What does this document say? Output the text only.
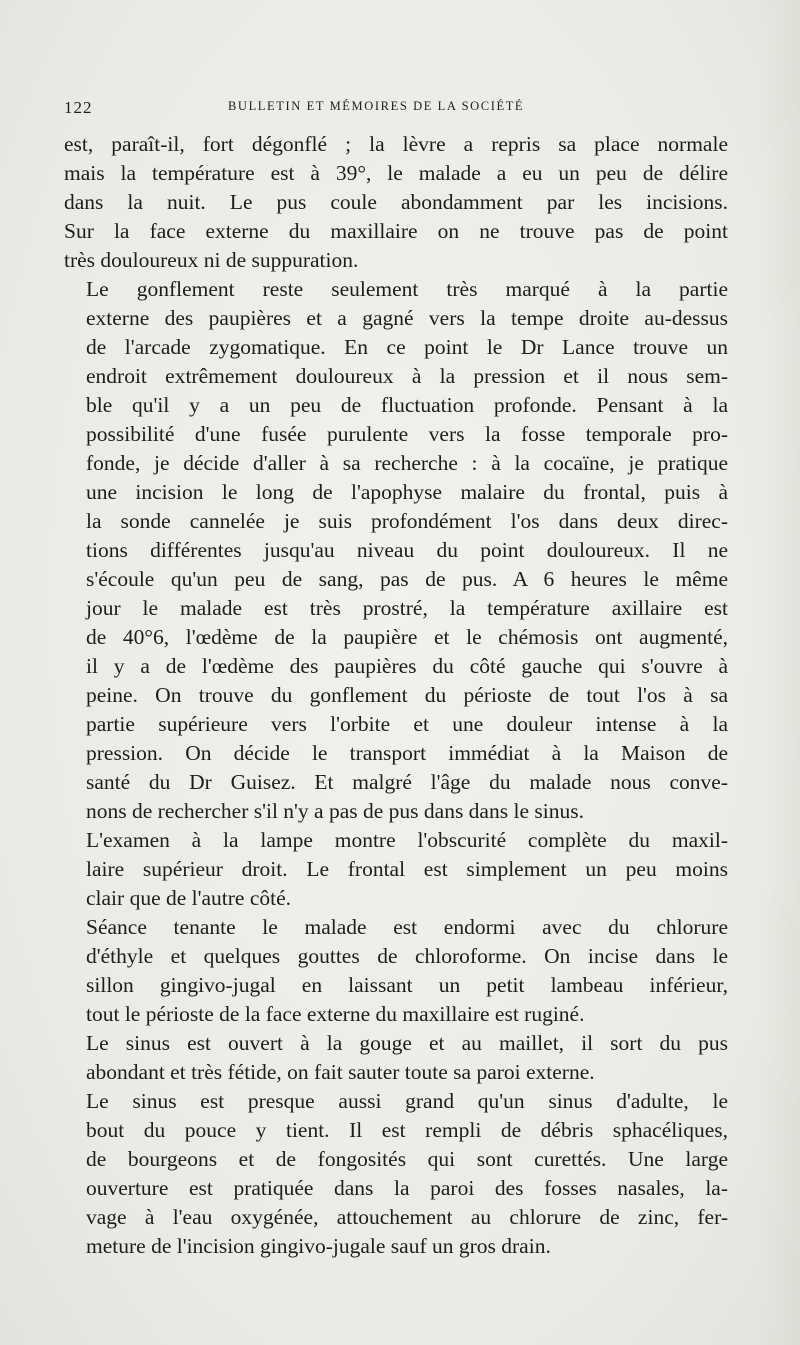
122	BULLETIN ET MÉMOIRES DE LA SOCIÉTÉ

est, paraît-il, fort dégonflé ; la lèvre a repris sa place normale
mais la température est à 39°, le malade a eu un peu de délire
dans la nuit. Le pus coule abondamment par les incisions.
Sur la face externe du maxillaire on ne trouve pas de point
très douloureux ni de suppuration.

Le gonflement reste seulement très marqué à la partie
externe des paupières et a gagné vers la tempe droite au-dessus
de l'arcade zygomatique. En ce point le Dr Lance trouve un
endroit extrêmement douloureux à la pression et il nous sem-
ble qu'il y a un peu de fluctuation profonde. Pensant à la
possibilité d'une fusée purulente vers la fosse temporale pro-
fonde, je décide d'aller à sa recherche : à la cocaïne, je pratique
une incision le long de l'apophyse malaire du frontal, puis à
la sonde cannelée je suis profondément l'os dans deux direc-
tions différentes jusqu'au niveau du point douloureux. Il ne
s'écoule qu'un peu de sang, pas de pus. A 6 heures le même
jour le malade est très prostré, la température axillaire est
de 40°6, l'œdème de la paupière et le chémosis ont augmenté,
il y a de l'œdème des paupières du côté gauche qui s'ouvre à
peine. On trouve du gonflement du périoste de tout l'os à sa
partie supérieure vers l'orbite et une douleur intense à la
pression. On décide le transport immédiat à la Maison de
santé du Dr Guisez. Et malgré l'âge du malade nous conve-
nons de rechercher s'il n'y a pas de pus dans dans le sinus.

L'examen à la lampe montre l'obscurité complète du maxil-
laire supérieur droit. Le frontal est simplement un peu moins
clair que de l'autre côté.

Séance tenante le malade est endormi avec du chlorure
d'éthyle et quelques gouttes de chloroforme. On incise dans le
sillon gingivo-jugal en laissant un petit lambeau inférieur,
tout le périoste de la face externe du maxillaire est ruginé.

Le sinus est ouvert à la gouge et au maillet, il sort du pus
abondant et très fétide, on fait sauter toute sa paroi externe.

Le sinus est presque aussi grand qu'un sinus d'adulte, le
bout du pouce y tient. Il est rempli de débris sphacéliques,
de bourgeons et de fongosités qui sont curettés. Une large
ouverture est pratiquée dans la paroi des fosses nasales, la-
vage à l'eau oxygénée, attouchement au chlorure de zinc, fer-
meture de l'incision gingivo-jugale sauf un gros drain.
